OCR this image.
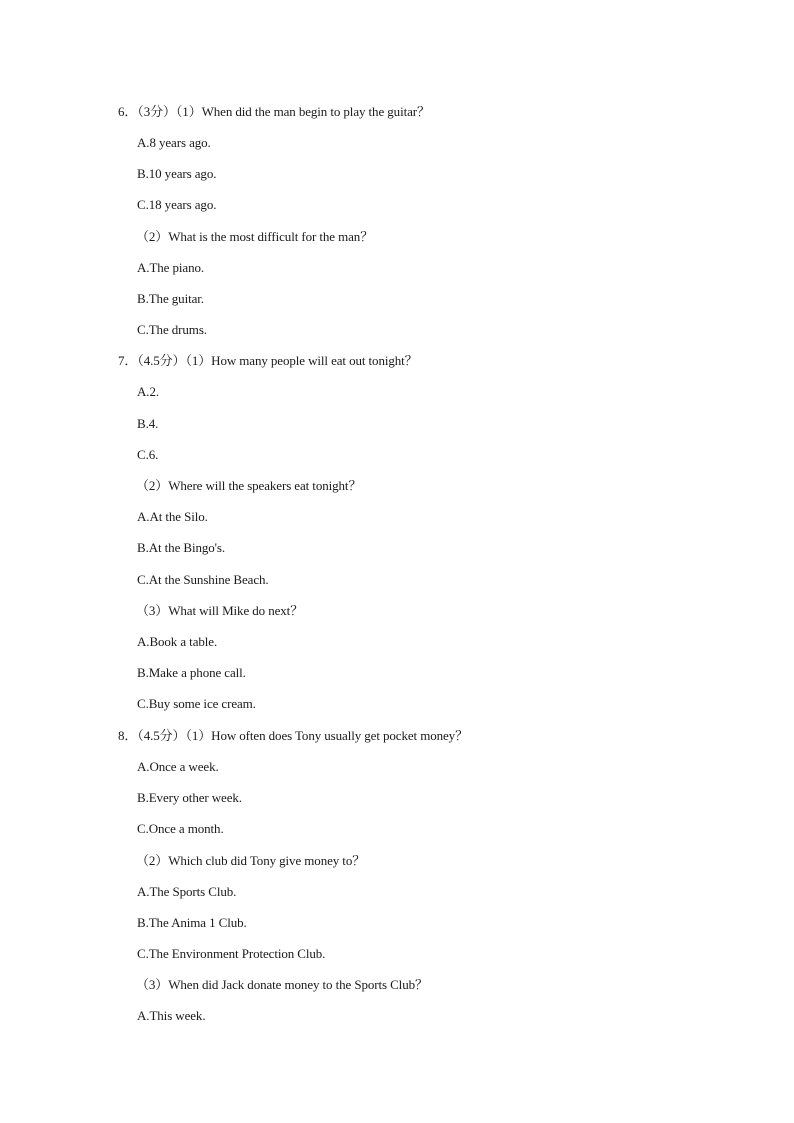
6．（3分）（1）When did the man begin to play the guitar？
A.8 years ago.
B.10 years ago.
C.18 years ago.
（2）What is the most difficult for the man？
A.The piano.
B.The guitar.
C.The drums.
7．（4.5分）（1）How many people will eat out tonight？
A.2.
B.4.
C.6.
（2）Where will the speakers eat tonight？
A.At the Silo.
B.At the Bingo's.
C.At the Sunshine Beach.
（3）What will Mike do next？
A.Book a table.
B.Make a phone call.
C.Buy some ice cream.
8．（4.5分）（1）How often does Tony usually get pocket money？
A.Once a week.
B.Every other week.
C.Once a month.
（2）Which club did Tony give money to？
A.The Sports Club.
B.The Anima 1 Club.
C.The Environment Protection Club.
（3）When did Jack donate money to the Sports Club？
A.This week.
